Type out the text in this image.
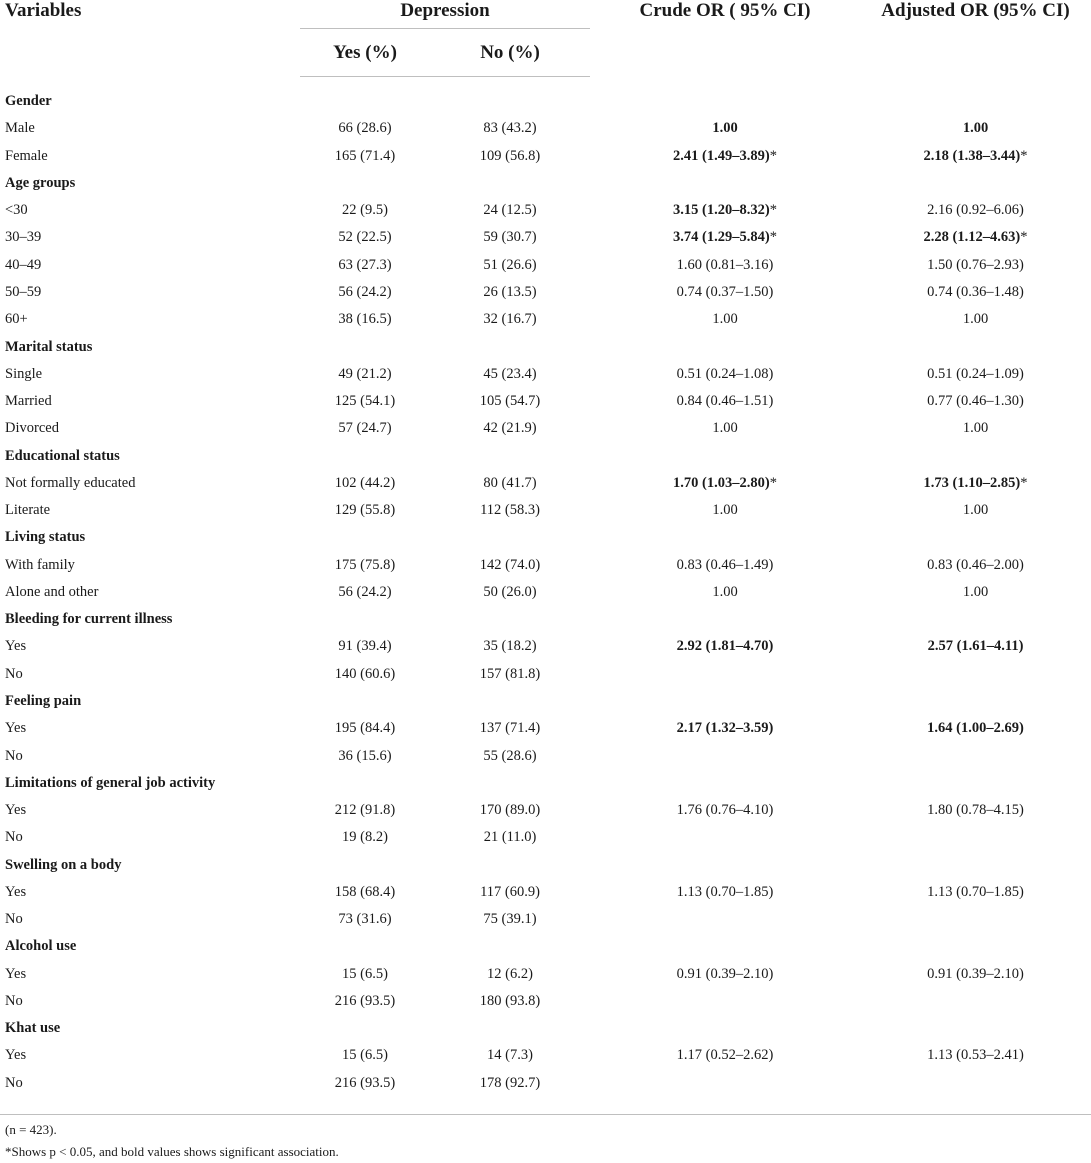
Variables	Depression		Crude OR ( 95% CI)	Adjusted OR (95% CI)
	Yes (%)	No (%)		

Gender				
Male	66 (28.6)	83 (43.2)	1.00	1.00
Female	165 (71.4)	109 (56.8)	2.41 (1.49–3.89)*	2.18 (1.38–3.44)*
Age groups				
<30	22 (9.5)	24 (12.5)	3.15 (1.20–8.32)*	2.16 (0.92–6.06)
30–39	52 (22.5)	59 (30.7)	3.74 (1.29–5.84)*	2.28 (1.12–4.63)*
40–49	63 (27.3)	51 (26.6)	1.60 (0.81–3.16)	1.50 (0.76–2.93)
50–59	56 (24.2)	26 (13.5)	0.74 (0.37–1.50)	0.74 (0.36–1.48)
60+	38 (16.5)	32 (16.7)	1.00	1.00
Marital status				
Single	49 (21.2)	45 (23.4)	0.51 (0.24–1.08)	0.51 (0.24–1.09)
Married	125 (54.1)	105 (54.7)	0.84 (0.46–1.51)	0.77 (0.46–1.30)
Divorced	57 (24.7)	42 (21.9)	1.00	1.00
Educational status				
Not formally educated	102 (44.2)	80 (41.7)	1.70 (1.03–2.80)*	1.73 (1.10–2.85)*
Literate	129 (55.8)	112 (58.3)	1.00	1.00
Living status				
With family	175 (75.8)	142 (74.0)	0.83 (0.46–1.49)	0.83 (0.46–2.00)
Alone and other	56 (24.2)	50 (26.0)	1.00	1.00
Bleeding for current illness				
Yes	91 (39.4)	35 (18.2)	2.92 (1.81–4.70)	2.57 (1.61–4.11)
No	140 (60.6)	157 (81.8)		
Feeling pain				
Yes	195 (84.4)	137 (71.4)	2.17 (1.32–3.59)	1.64 (1.00–2.69)
No	36 (15.6)	55 (28.6)		
Limitations of general job activity				
Yes	212 (91.8)	170 (89.0)	1.76 (0.76–4.10)	1.80 (0.78–4.15)
No	19 (8.2)	21 (11.0)		
Swelling on a body				
Yes	158 (68.4)	117 (60.9)	1.13 (0.70–1.85)	1.13 (0.70–1.85)
No	73 (31.6)	75 (39.1)		
Alcohol use				
Yes	15 (6.5)	12 (6.2)	0.91 (0.39–2.10)	0.91 (0.39–2.10)
No	216 (93.5)	180 (93.8)		
Khat use				
Yes	15 (6.5)	14 (7.3)	1.17 (0.52–2.62)	1.13 (0.53–2.41)
No	216 (93.5)	178 (92.7)		

(n = 423).
*Shows p < 0.05, and bold values shows significant association.
